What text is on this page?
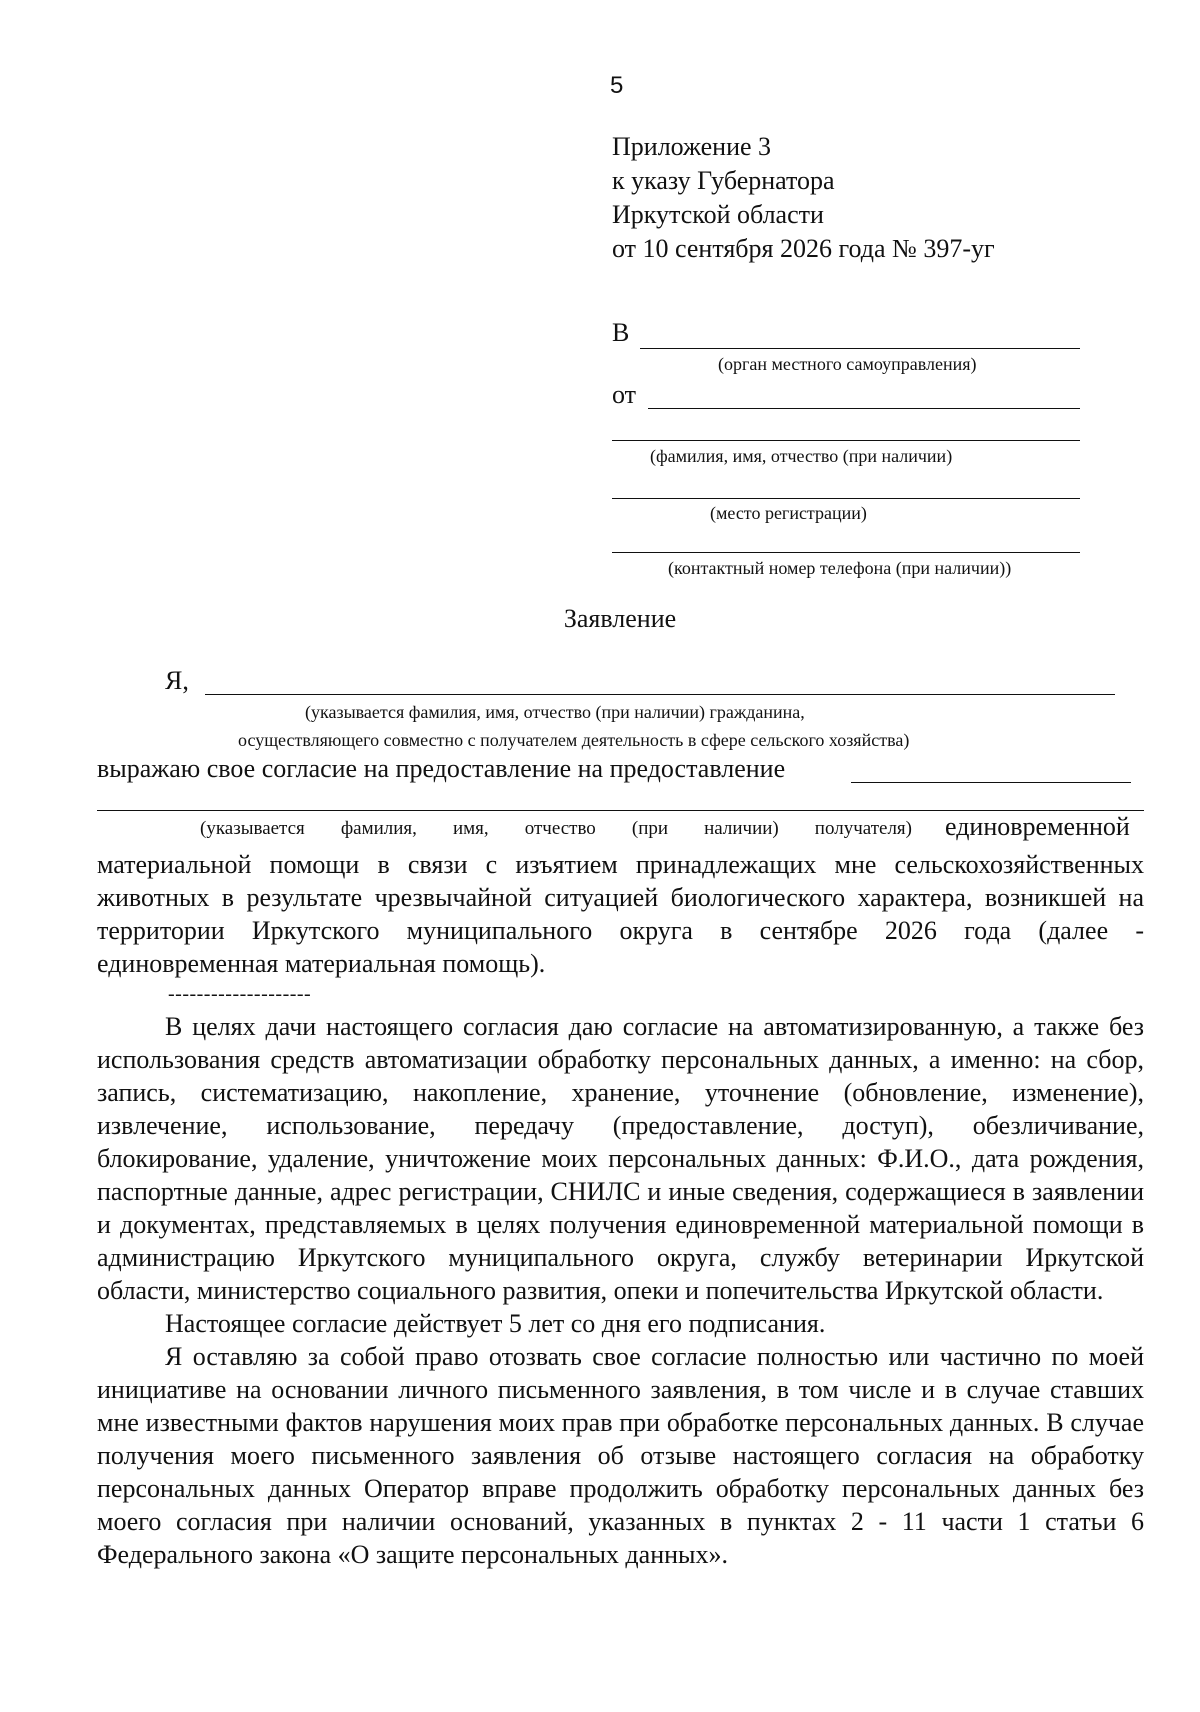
5
Приложение 3
к указу Губернатора
Иркутской области
от 10 сентября 2026 года № 397-уг
В
(орган местного самоуправления)
от
(фамилия, имя, отчество (при наличии)
(место регистрации)
(контактный номер телефона (при наличии))
Заявление
Я,
(указывается фамилия, имя, отчество (при наличии) гражданина,
осуществляющего совместно с получателем деятельность в сфере сельского хозяйства)
выражаю свое согласие на предоставление на предоставление
(указывается фамилия, имя, отчество (при наличии) получателя) единовременной

материальной помощи в связи с изъятием принадлежащих мне сельскохозяйственных животных в результате чрезвычайной ситуацией биологического характера, возникшей на территории Иркутского муниципального округа в сентябре 2026 года (далее - единовременная материальная помощь).

--------------------

В целях дачи настоящего согласия даю согласие на автоматизированную, а также без использования средств автоматизации обработку персональных данных, а именно: на сбор, запись, систематизацию, накопление, хранение, уточнение (обновление, изменение), извлечение, использование, передачу (предоставление, доступ), обезличивание, блокирование, удаление, уничтожение моих персональных данных: Ф.И.О., дата рождения, паспортные данные, адрес регистрации, СНИЛС и иные сведения, содержащиеся в заявлении и документах, представляемых в целях получения единовременной материальной помощи в администрацию Иркутского муниципального округа, службу ветеринарии Иркутской области, министерство социального развития, опеки и попечительства Иркутской области.

Настоящее согласие действует 5 лет со дня его подписания.

Я оставляю за собой право отозвать свое согласие полностью или частично по моей инициативе на основании личного письменного заявления, в том числе и в случае ставших мне известными фактов нарушения моих прав при обработке персональных данных. В случае получения моего письменного заявления об отзыве настоящего согласия на обработку персональных данных Оператор вправе продолжить обработку персональных данных без моего согласия при наличии оснований, указанных в пунктах 2 - 11 части 1 статьи 6 Федерального закона «О защите персональных данных».
